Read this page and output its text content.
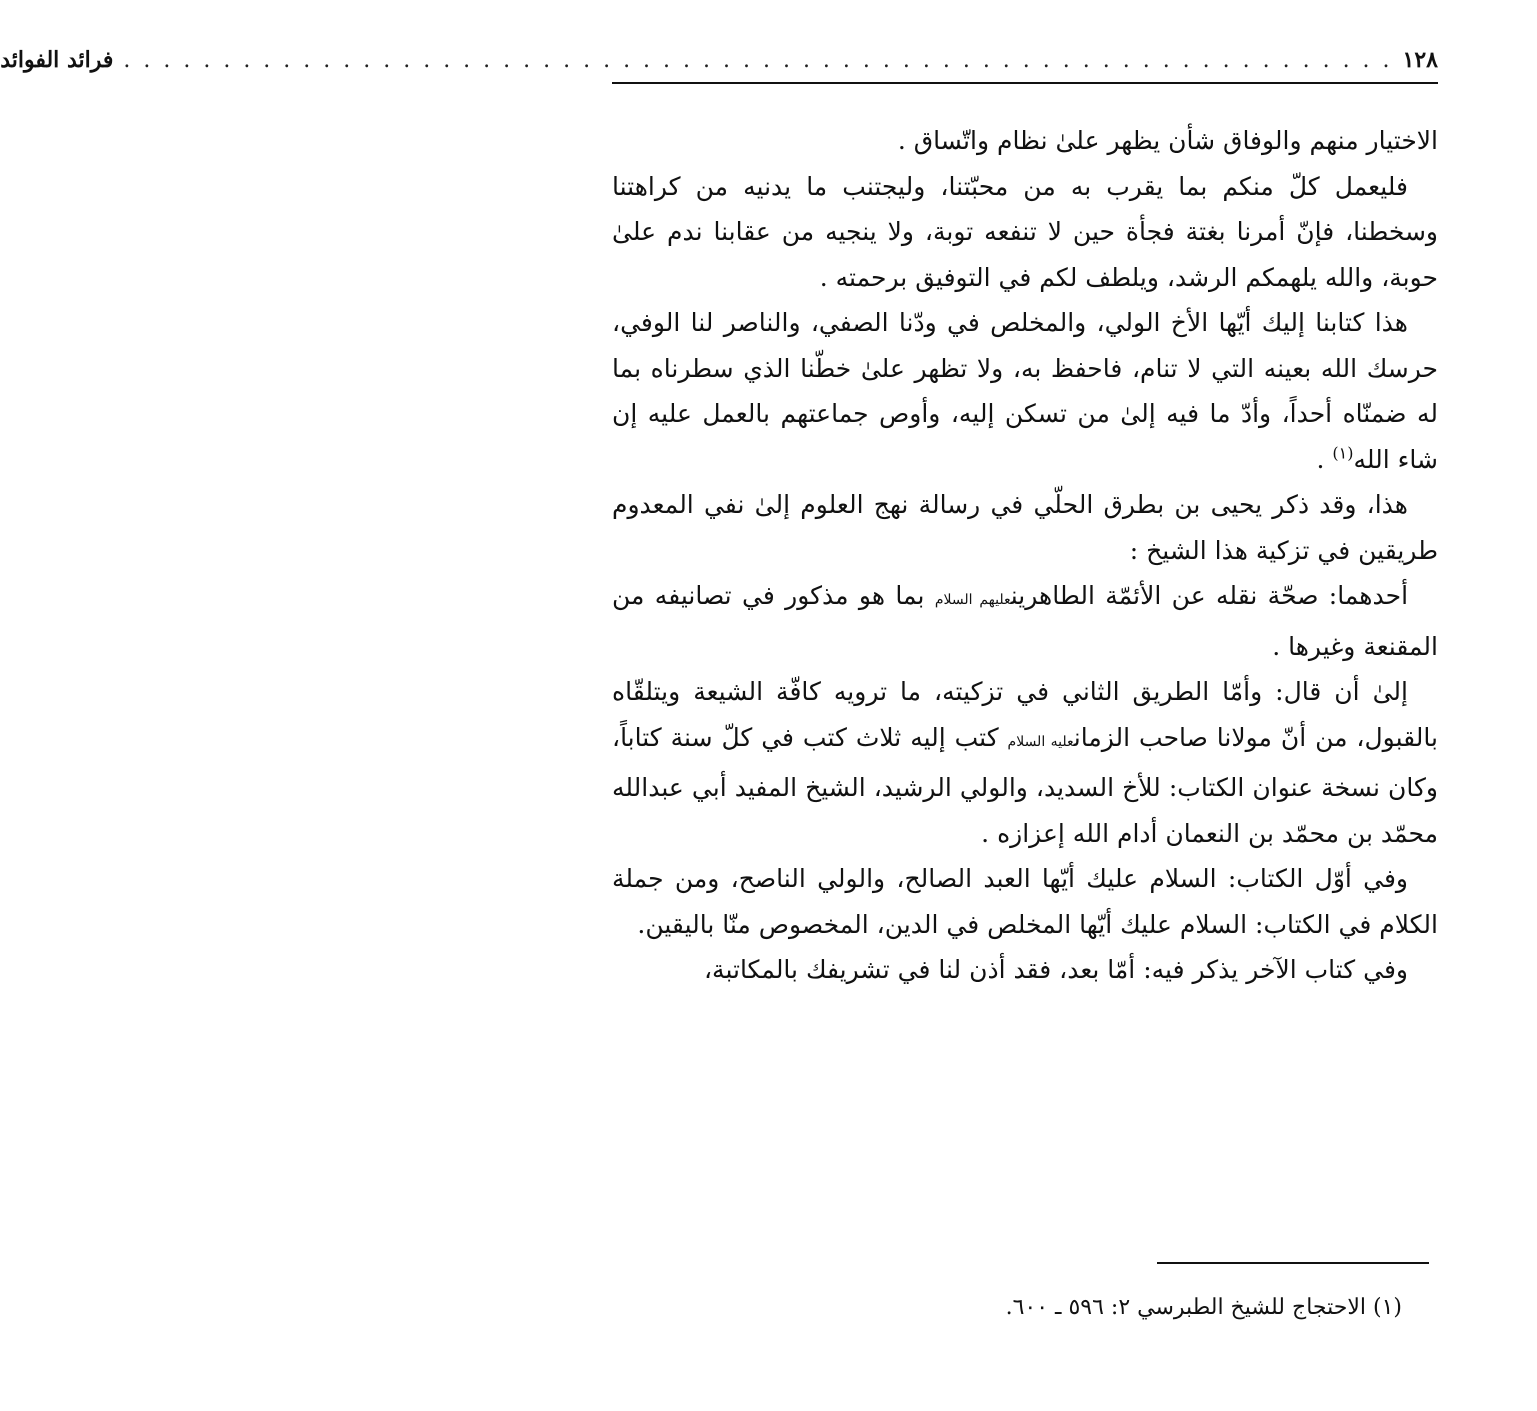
١٢٨
. . . . . . . . . . . . . . . . . . . . . . . . . . . . . . . . . . . . . . . . . . . . . . . . . . . . . . . . . . . . . . . .
فرائد الفوائد

الاختيار منهم والوفاق شأن يظهر علىٰ نظام واتّساق .

فليعمل كلّ منكم بما يقرب به من محبّتنا، وليجتنب ما يدنيه من كراهتنا وسخطنا، فإنّ أمرنا بغتة فجأة حين لا تنفعه توبة، ولا ينجيه من عقابنا ندم علىٰ حوبة، والله يلهمكم الرشد، ويلطف لكم في التوفيق برحمته .

هذا كتابنا إليك أيّها الأخ الولي، والمخلص في ودّنا الصفي، والناصر لنا الوفي، حرسك الله بعينه التي لا تنام، فاحفظ به، ولا تظهر علىٰ خطّنا الذي سطرناه بما له ضمنّاه أحداً، وأدّ ما فيه إلىٰ من تسكن إليه، وأوص جماعتهم بالعمل عليه إن شاء الله$^{(١)}$ .

هذا، وقد ذكر يحيى بن بطرق الحلّي في رسالة نهج العلوم إلىٰ نفي المعدوم طريقين في تزكية هذا الشيخ :

أحدهما: صحّة نقله عن الأئمّة الطاهرينعليهم السلام بما هو مذكور في تصانيفه من المقنعة وغيرها .

إلىٰ أن قال: وأمّا الطريق الثاني في تزكيته، ما ترويه كافّة الشيعة ويتلقّاه بالقبول، من أنّ مولانا صاحب الزمانعليه السلام كتب إليه ثلاث كتب في كلّ سنة كتاباً، وكان نسخة عنوان الكتاب: للأخ السديد، والولي الرشيد، الشيخ المفيد أبي عبدالله محمّد بن محمّد بن النعمان أدام الله إعزازه .

وفي أوّل الكتاب: السلام عليك أيّها العبد الصالح، والولي الناصح، ومن جملة الكلام في الكتاب: السلام عليك أيّها المخلص في الدين، المخصوص منّا باليقين.

وفي كتاب الآخر يذكر فيه: أمّا بعد، فقد أذن لنا في تشريفك بالمكاتبة،

(١) الاحتجاج للشيخ الطبرسي ٢: ٥٩٦ ـ ٦٠٠.
